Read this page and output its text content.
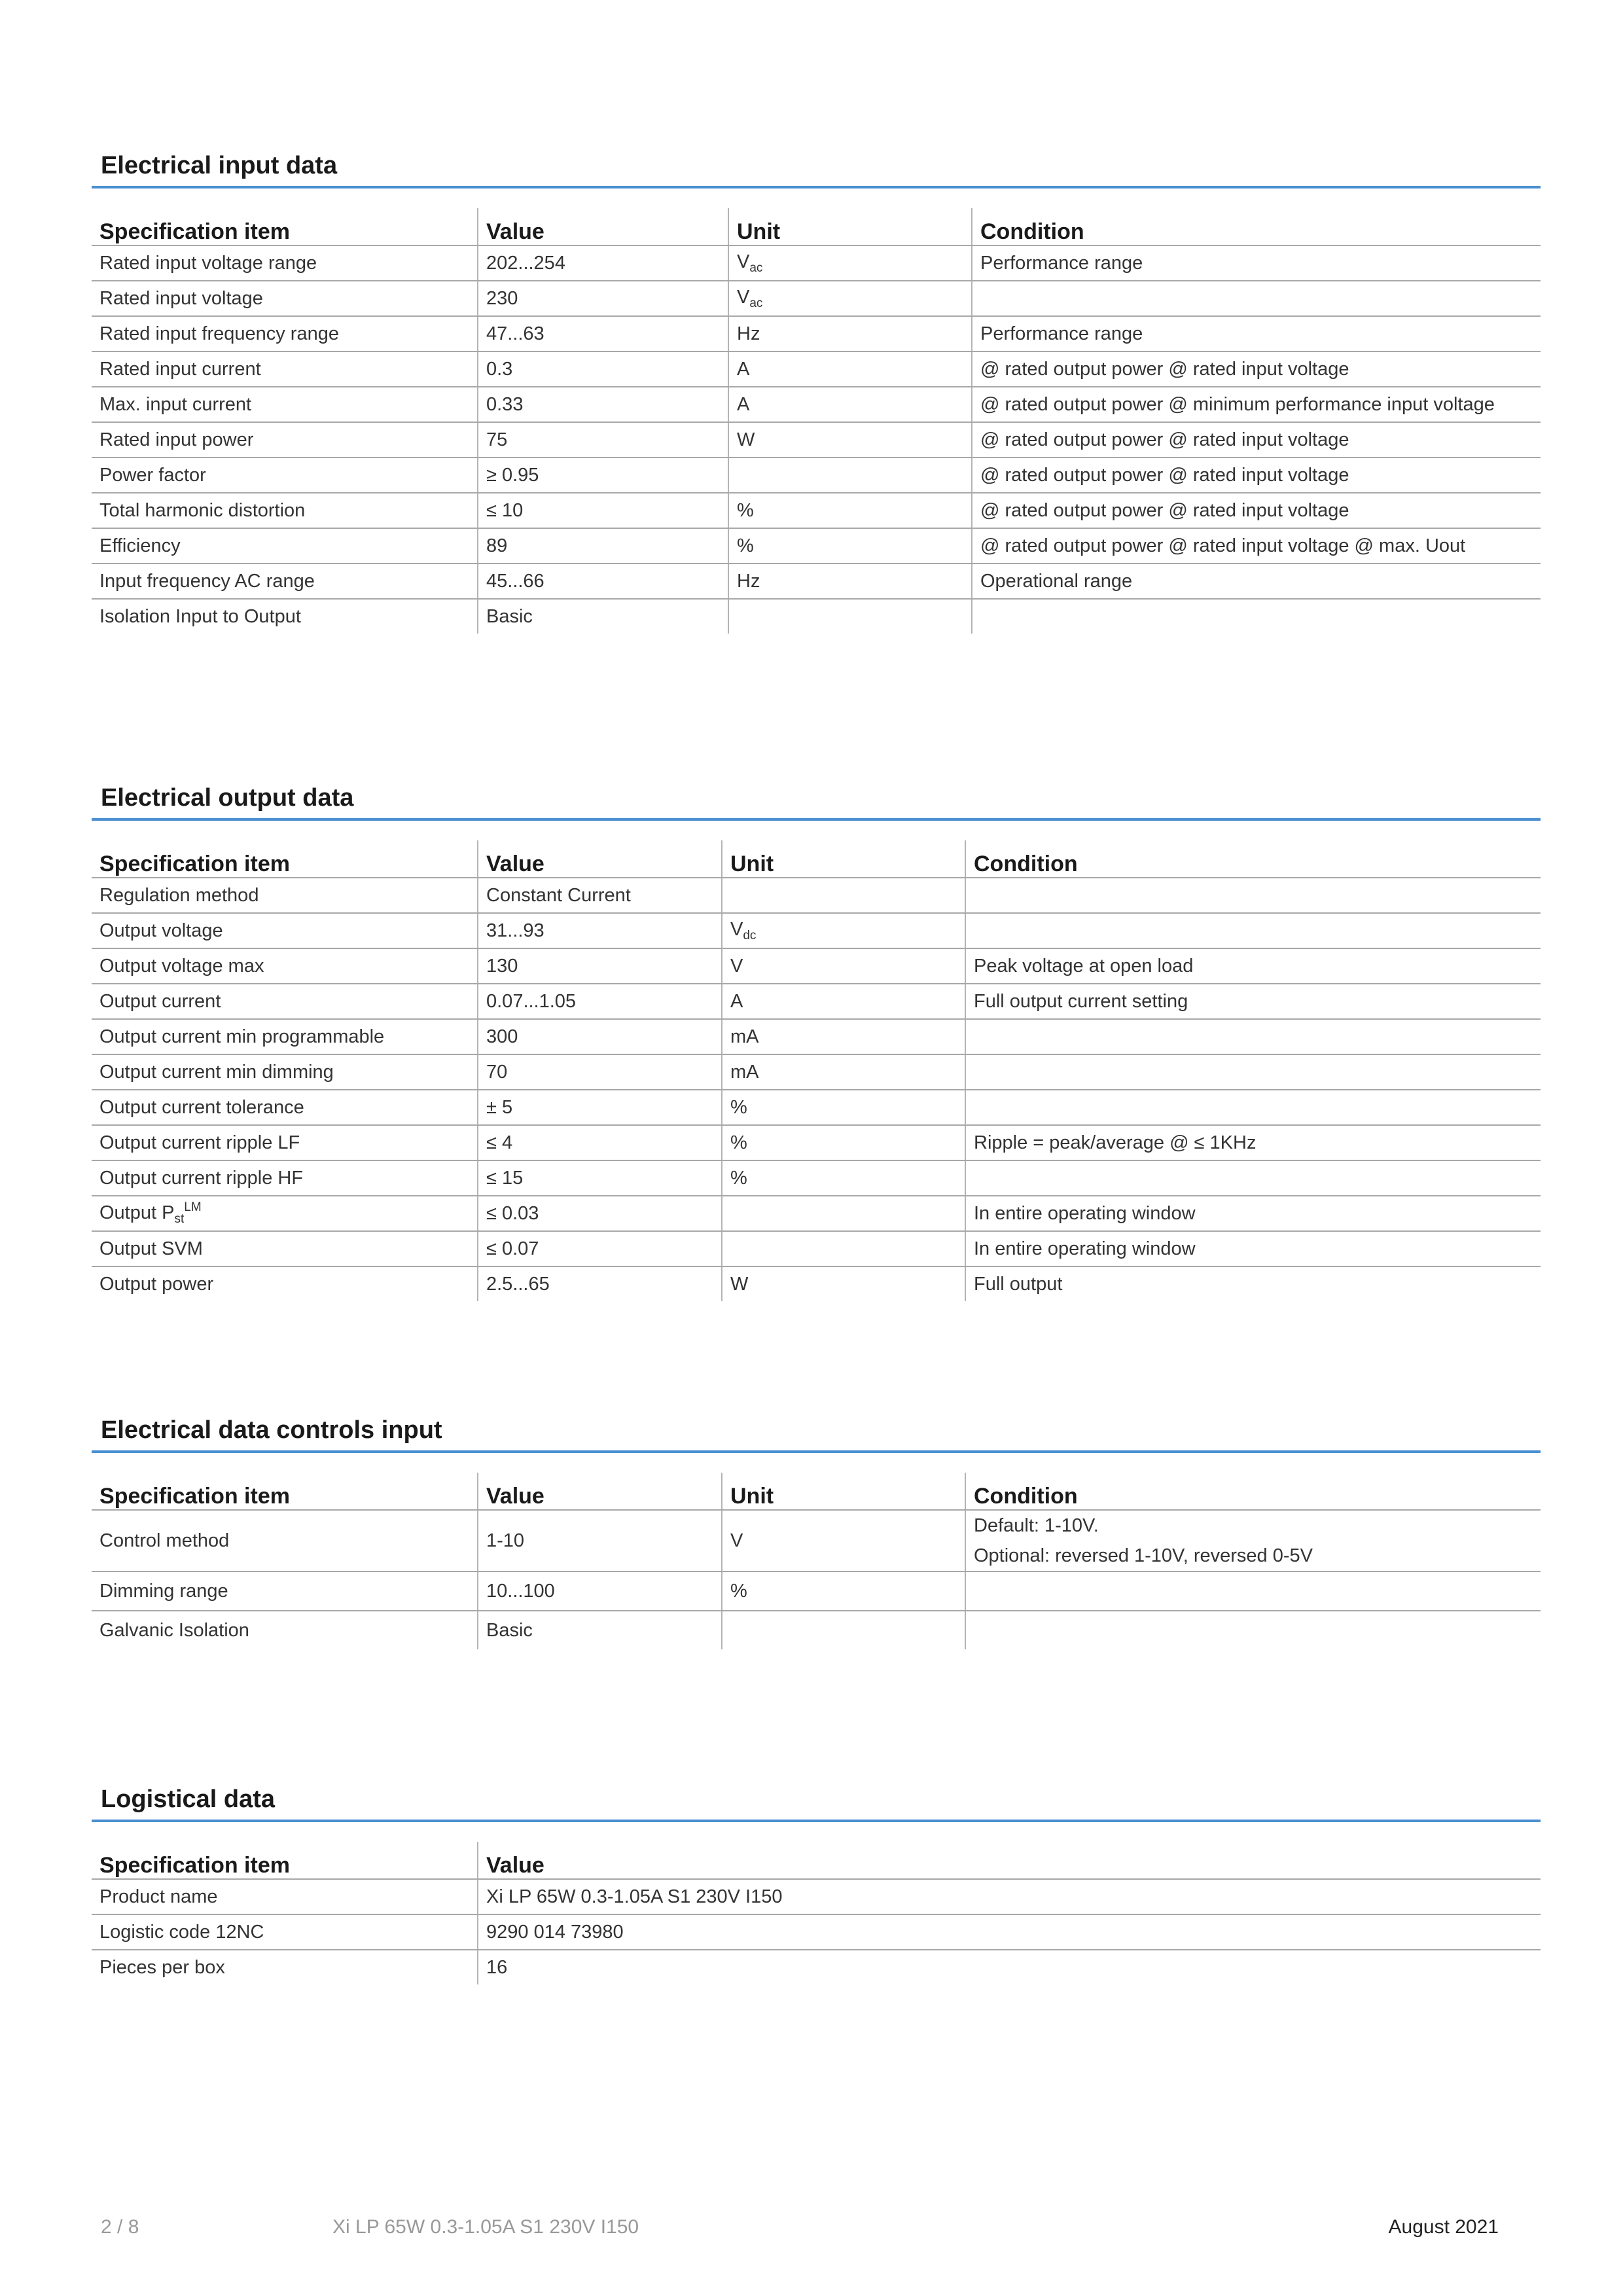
Electrical input data
Specification item	Value	Unit	Condition
Rated input voltage range	202...254	$V_{ac}$	Performance range
Rated input voltage	230	$V_{ac}$	
Rated input frequency range	47...63	Hz	Performance range
Rated input current	0.3	A	@ rated output power @ rated input voltage
Max. input current	0.33	A	@ rated output power @ minimum performance input voltage
Rated input power	75	W	@ rated output power @ rated input voltage
Power factor	≥ 0.95		@ rated output power @ rated input voltage
Total harmonic distortion	≤ 10	%	@ rated output power @ rated input voltage
Efficiency	89	%	@ rated output power @ rated input voltage @ max. Uout
Input frequency AC range	45...66	Hz	Operational range
Isolation Input to Output	Basic		
Electrical output data
Specification item	Value	Unit	Condition
Regulation method	Constant Current		
Output voltage	31...93	$V_{dc}$	
Output voltage max	130	V	Peak voltage at open load
Output current	0.07...1.05	A	Full output current setting
Output current min programmable	300	mA	
Output current min dimming	70	mA	
Output current tolerance	± 5	%	
Output current ripple LF	≤ 4	%	Ripple = peak/average @ ≤ 1KHz
Output current ripple HF	≤ 15	%	
Output $P_{st}^{LM}$	≤ 0.03		In entire operating window
Output SVM	≤ 0.07		In entire operating window
Output power	2.5...65	W	Full output
Electrical data controls input
Specification item	Value	Unit	Condition
Control method	1-10	V	Default: 1-10V.
Optional: reversed 1-10V, reversed 0-5V

Dimming range	10...100	%	
Galvanic Isolation	Basic		
Logistical data
Specification item	Value
Product name	Xi LP 65W 0.3-1.05A S1 230V I150
Logistic code 12NC	9290 014 73980
Pieces per box	16
2 / 8	Xi LP 65W 0.3-1.05A S1 230V I150	August 2021
